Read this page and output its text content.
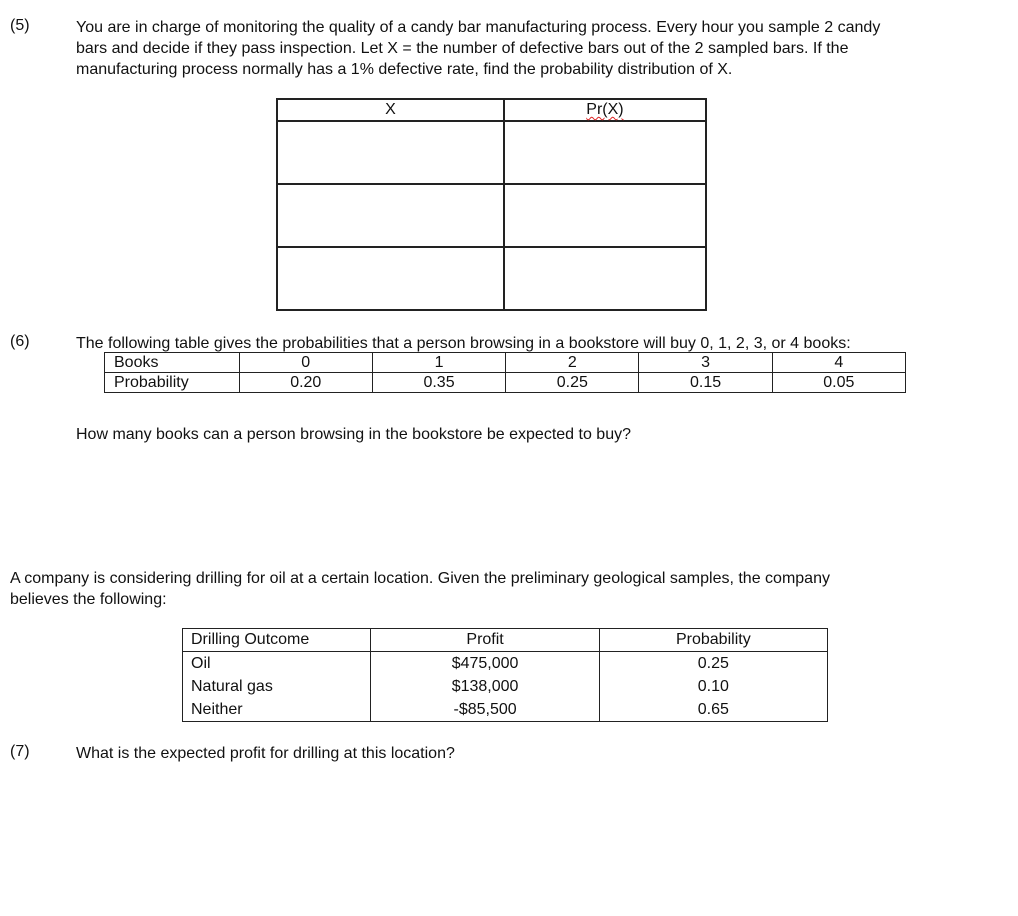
(5)	You are in charge of monitoring the quality of a candy bar manufacturing process. Every hour you sample 2 candy
bars and decide if they pass inspection. Let X = the number of defective bars out of the 2 sampled bars. If the
manufacturing process normally has a 1% defective rate, find the probability distribution of X.
X	Pr(X)

(6)	The following table gives the probabilities that a person browsing in a bookstore will buy 0, 1, 2, 3, or 4 books:
Books	0	1	2	3	4
Probability	0.20	0.35	0.25	0.15	0.05
How many books can a person browsing in the bookstore be expected to buy?
A company is considering drilling for oil at a certain location. Given the preliminary geological samples, the company
believes the following:
Drilling Outcome	Profit	Probability
Oil	$475,000	0.25
Natural gas	$138,000	0.10
Neither	-$85,500	0.65
(7)	What is the expected profit for drilling at this location?
